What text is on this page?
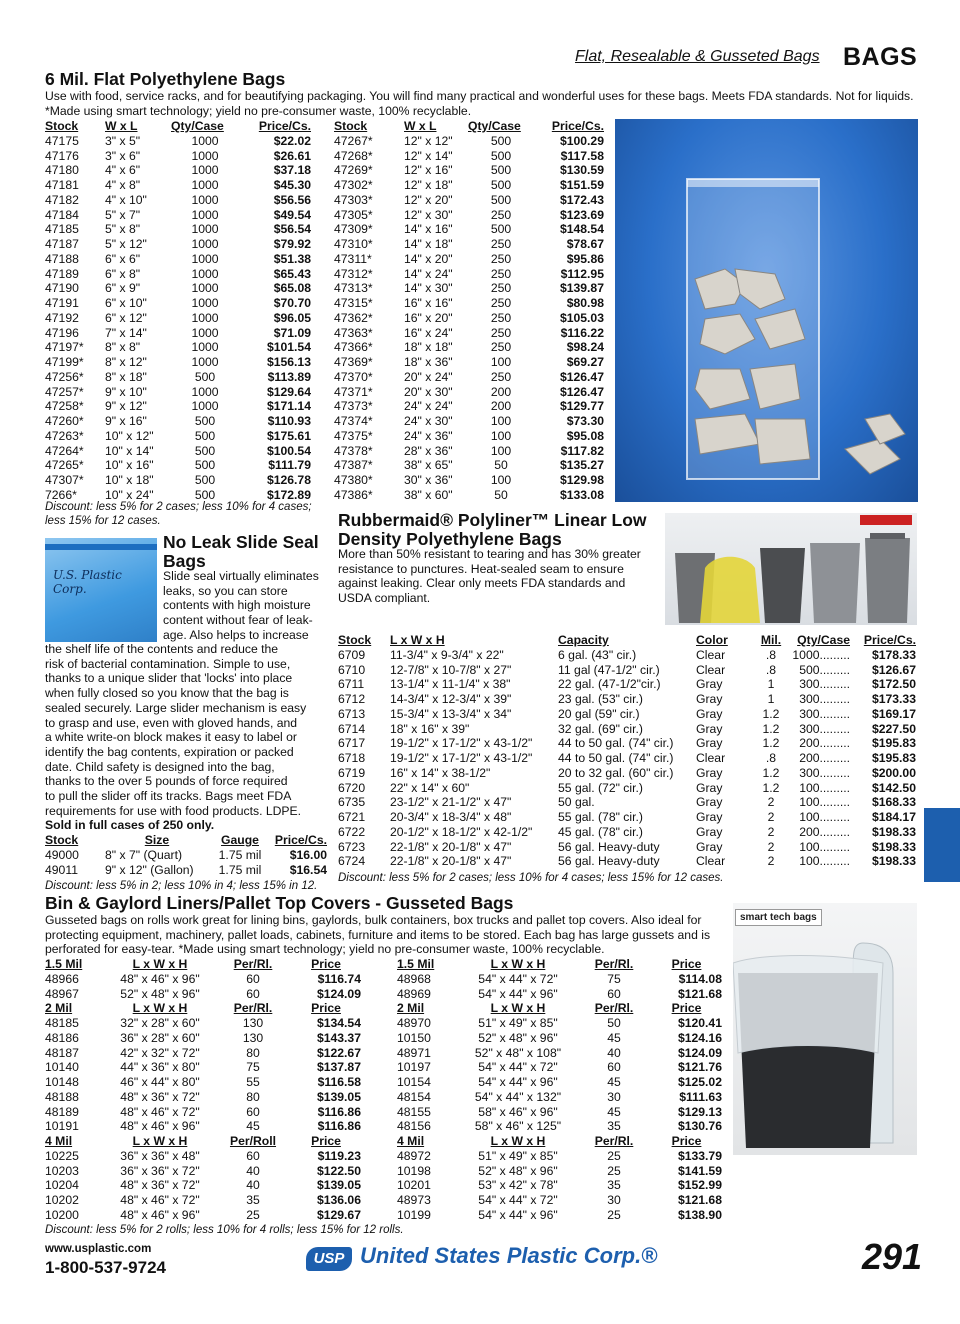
Flat, Resealable & Gusseted Bags BAGS
6 Mil. Flat Polyethylene Bags
Use with food, service racks, and for beautifying packaging. You will find many practical and wonderful uses for these bags. Meets FDA standards. Not for liquids. *Made using smart technology; yield no pre-consumer waste, 100% recyclable.
Stock	W x L	Qty/Case	Price/Cs.
47175	3" x 5"	1000	$22.02
47176	3" x 6"	1000	$26.61
47180	4" x 6"	1000	$37.18
47181	4" x 8"	1000	$45.30
47182	4" x 10"	1000	$56.56
47184	5" x 7"	1000	$49.54
47185	5" x 8"	1000	$56.54
47187	5" x 12"	1000	$79.92
47188	6" x 6"	1000	$51.38
47189	6" x 8"	1000	$65.43
47190	6" x 9"	1000	$65.08
47191	6" x 10"	1000	$70.70
47192	6" x 12"	1000	$96.05
47196	7" x 14"	1000	$71.09
47197*	8" x 8"	1000	$101.54
47199*	8" x 12"	1000	$156.13
47256*	8" x 18"	500	$113.89
47257*	9" x 10"	1000	$129.64
47258*	9" x 12"	1000	$171.14
47260*	9" x 16"	500	$110.93
47263*	10" x 12"	500	$175.61
47264*	10" x 14"	500	$100.54
47265*	10" x 16"	500	$111.79
47307*	10" x 18"	500	$126.78
7266*	10" x 24"	500	$172.89
Stock	W x L	Qty/Case	Price/Cs.
47267*	12" x 12"	500	$100.29
47268*	12" x 14"	500	$117.58
47269*	12" x 16"	500	$130.59
47302*	12" x 18"	500	$151.59
47303*	12" x 20"	500	$172.43
47305*	12" x 30"	250	$123.69
47309*	14" x 16"	500	$148.54
47310*	14" x 18"	250	$78.67
47311*	14" x 20"	250	$95.86
47312*	14" x 24"	250	$112.95
47313*	14" x 30"	250	$139.87
47315*	16" x 16"	250	$80.98
47362*	16" x 20"	250	$105.03
47363*	16" x 24"	250	$116.22
47366*	18" x 18"	250	$98.24
47369*	18" x 36"	100	$69.27
47370*	20" x 24"	250	$126.47
47371*	20" x 30"	200	$126.47
47373*	24" x 24"	200	$129.77
47374*	24" x 30"	100	$73.30
47375*	24" x 36"	100	$95.08
47378*	28" x 36"	100	$117.82
47387*	38" x 65"	50	$135.27
47380*	30" x 36"	100	$129.98
47386*	38" x 60"	50	$133.08
Discount: less 5% for 2 cases; less 10% for 4 cases; less 15% for 12 cases.
U.S. Plastic Corp.
No Leak Slide Seal
Bags
Slide seal virtually eliminates
leaks, so you can store
contents with high moisture
content without fear of leak-
age. Also helps to increase
the shelf life of the contents and reduce the
risk of bacterial contamination. Simple to use,
thanks to a unique slider that 'locks' into place
when fully closed so you know that the bag is
sealed securely. Large slider mechanism is easy
to grasp and use, even with gloved hands, and
a white write-on block makes it easy to label or
identify the bag contents, expiration or packed
date. Child safety is designed into the bag,
thanks to the over 5 pounds of force required
to pull the slider off its tracks. Bags meet FDA
requirements for use with food products. LDPE.
Sold in full cases of 250 only.
Stock	Size	Gauge	Price/Cs.
49000	8" x 7" (Quart)	1.75 mil	$16.00
49011	9" x 12" (Gallon)	1.75 mil	$16.54
Discount: less 5% in 2; less 10% in 4; less 15% in 12.
Rubbermaid® Polyliner™ Linear Low
Density Polyethylene Bags
More than 50% resistant to tearing and has 30% greater resistance to punctures. Heat-sealed seam to ensure against leaking. Clear only meets FDA standards and USDA compliant.
Stock	L x W x H	Capacity	Color	Mil.	Qty/Case	Price/Cs.
6709	11-3/4" x 9-3/4" x 22"	6 gal. (43" cir.)	Clear	.8	1000.........	$178.33
6710	12-7/8" x 10-7/8" x 27"	11 gal (47-1/2" cir.)	Clear	.8	500.........	$126.67
6711	13-1/4" x 11-1/4" x 38"	22 gal. (47-1/2"cir.)	Gray	1	300.........	$172.50
6712	14-3/4" x 12-3/4" x 39"	23 gal. (53" cir.)	Gray	1	300.........	$173.33
6713	15-3/4" x 13-3/4" x 34"	20 gal (59" cir.)	Gray	1.2	300.........	$169.17
6714	18" x 16" x 39"	32 gal. (69" cir.)	Gray	1.2	300.........	$227.50
6717	19-1/2" x 17-1/2" x 43-1/2"	44 to 50 gal. (74" cir.)	Gray	1.2	200.........	$195.83
6718	19-1/2" x 17-1/2" x 43-1/2"	44 to 50 gal. (74" cir.)	Clear	.8	200.........	$195.83
6719	16" x 14" x 38-1/2"	20 to 32 gal. (60" cir.)	Gray	1.2	300.........	$200.00
6720	22" x 14" x 60"	55 gal. (72" cir.)	Gray	1.2	100.........	$142.50
6735	23-1/2" x 21-1/2" x 47"	50 gal.	Gray	2	100.........	$168.33
6721	20-3/4" x 18-3/4" x 48"	55 gal. (78" cir.)	Gray	2	100.........	$184.17
6722	20-1/2" x 18-1/2" x 42-1/2"	45 gal. (78" cir.)	Gray	2	200.........	$198.33
6723	22-1/8" x 20-1/8" x 47"	56 gal. Heavy-duty	Gray	2	100.........	$198.33
6724	22-1/8" x 20-1/8" x 47"	56 gal. Heavy-duty	Clear	2	100.........	$198.33
Discount: less 5% for 2 cases; less 10% for 4 cases; less 15% for 12 cases.
Bin & Gaylord Liners/Pallet Top Covers - Gusseted Bags
Gusseted bags on rolls work great for lining bins, gaylords, bulk containers, box trucks and pallet top covers. Also ideal for protecting equipment, machinery, pallet loads, cabinets, furniture and items to be stored. Each bag has large gussets and is perforated for easy-tear. *Made using smart technology; yield no pre-consumer waste, 100% recyclable.
1.5 Mil	L x W x H	Per/Rl.	Price
48966	48" x 46" x 96"	60	$116.74
48967	52" x 48" x 96"	60	$124.09
2 Mil	L x W x H	Per/Rl.	Price
48185	32" x 28" x 60"	130	$134.54
48186	36" x 28" x 60"	130	$143.37
48187	42" x 32" x 72"	80	$122.67
10140	44" x 36" x 80"	75	$137.87
10148	46" x 44" x 80"	55	$116.58
48188	48" x 36" x 72"	80	$139.05
48189	48" x 46" x 72"	60	$116.86
10191	48" x 46" x 96"	45	$116.86
4 Mil	L x W x H	Per/Roll	Price
10225	36" x 36" x 48"	60	$119.23
10203	36" x 36" x 72"	40	$122.50
10204	48" x 36" x 72"	40	$139.05
10202	48" x 46" x 72"	35	$136.06
10200	48" x 46" x 96"	25	$129.67
1.5 Mil	L x W x H	Per/Rl.	Price
48968	54" x 44" x 72"	75	$114.08
48969	54" x 44" x 96"	60	$121.68
2 Mil	L x W x H	Per/Rl.	Price
48970	51" x 49" x 85"	50	$120.41
10150	52" x 48" x 96"	45	$124.16
48971	52" x 48" x 108"	40	$124.09
10197	54" x 44" x 72"	60	$121.76
10154	54" x 44" x 96"	45	$125.02
48154	54" x 44" x 132"	30	$111.63
48155	58" x 46" x 96"	45	$129.13
48156	58" x 46" x 125"	35	$130.76
4 Mil	L x W x H	Per/Rl.	Price
48972	51" x 49" x 85"	25	$133.79
10198	52" x 48" x 96"	25	$141.59
10201	53" x 42" x 78"	35	$152.99
48973	54" x 44" x 72"	30	$121.68
10199	54" x 44" x 96"	25	$138.90
Discount: less 5% for 2 rolls; less 10% for 4 rolls; less 15% for 12 rolls.
smart tech bags
www.usplastic.com
1-800-537-9724	USP United States Plastic Corp.®	291
